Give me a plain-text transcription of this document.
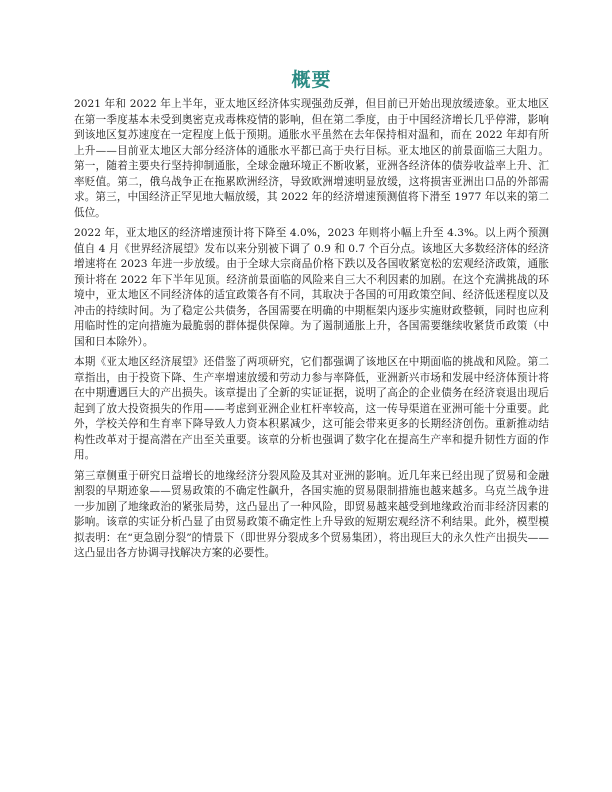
概要

2021 年和 2022 年上半年，亚太地区经济体实现强劲反弹，但目前已开始出现放缓迹象。亚太地区在第一季度基本未受到奥密克戎毒株疫情的影响，但在第二季度，由于中国经济增长几乎停滞，影响到该地区复苏速度在一定程度上低于预期。通胀水平虽然在去年保持相对温和，而在 2022 年却有所上升——目前亚太地区大部分经济体的通胀水平都已高于央行目标。亚太地区的前景面临三大阻力。第一，随着主要央行坚持抑制通胀，全球金融环境正不断收紧，亚洲各经济体的债券收益率上升、汇率贬值。第二，俄乌战争正在拖累欧洲经济，导致欧洲增速明显放缓，这将损害亚洲出口品的外部需求。第三，中国经济正罕见地大幅放缓，其 2022 年的经济增速预测值将下滑至 1977 年以来的第二低位。

2022 年，亚太地区的经济增速预计将下降至 4.0%，2023 年则将小幅上升至 4.3%。以上两个预测值自 4 月《世界经济展望》发布以来分别被下调了 0.9 和 0.7 个百分点。该地区大多数经济体的经济增速将在 2023 年进一步放缓。由于全球大宗商品价格下跌以及各国收紧宽松的宏观经济政策，通胀预计将在 2022 年下半年见顶。经济前景面临的风险来自三大不利因素的加剧。在这个充满挑战的环境中，亚太地区不同经济体的适宜政策各有不同，其取决于各国的可用政策空间、经济低迷程度以及冲击的持续时间。为了稳定公共债务，各国需要在明确的中期框架内逐步实施财政整顿，同时也应利用临时性的定向措施为最脆弱的群体提供保障。为了遏制通胀上升，各国需要继续收紧货币政策（中国和日本除外）。

本期《亚太地区经济展望》还借鉴了两项研究，它们都强调了该地区在中期面临的挑战和风险。第二章指出，由于投资下降、生产率增速放缓和劳动力参与率降低，亚洲新兴市场和发展中经济体预计将在中期遭遇巨大的产出损失。该章提出了全新的实证证据，说明了高企的企业债务在经济衰退出现后起到了放大投资损失的作用——考虑到亚洲企业杠杆率较高，这一传导渠道在亚洲可能十分重要。此外，学校关停和生育率下降导致人力资本积累减少，这可能会带来更多的长期经济创伤。重新推动结构性改革对于提高潜在产出至关重要。该章的分析也强调了数字化在提高生产率和提升韧性方面的作用。

第三章侧重于研究日益增长的地缘经济分裂风险及其对亚洲的影响。近几年来已经出现了贸易和金融割裂的早期迹象——贸易政策的不确定性飙升，各国实施的贸易限制措施也越来越多。乌克兰战争进一步加剧了地缘政治的紧张局势，这凸显出了一种风险，即贸易越来越受到地缘政治而非经济因素的影响。该章的实证分析凸显了由贸易政策不确定性上升导致的短期宏观经济不利结果。此外，模型模拟表明：在“更急剧分裂”的情景下（即世界分裂成多个贸易集团），将出现巨大的永久性产出损失——这凸显出各方协调寻找解决方案的必要性。
